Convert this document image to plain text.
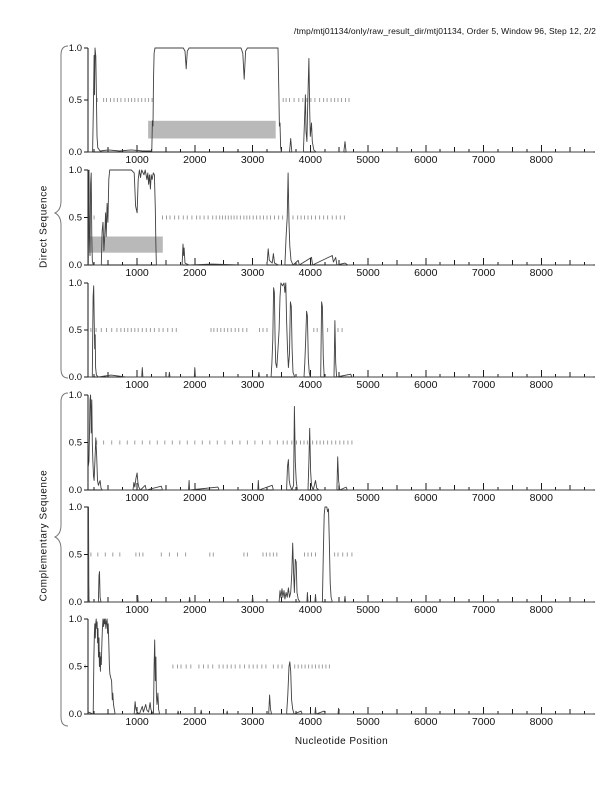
/tmp/mtj01134/only/raw_result_dir/mtj01134, Order 5, Window 96, Step 12, 2/2
Direct Sequence
Complementary Sequence
1.0
0.5
0.0
1000	2000	3000	4000	5000	6000	7000	8000
1.0
0.5
0.0
1000	2000	3000	4000	5000	6000	7000	8000
1.0
0.5
0.0
1000	2000	3000	4000	5000	6000	7000	8000
1.0
0.5
0.0
1000	2000	3000	4000	5000	6000	7000	8000
1.0
0.5
0.0
1000	2000	3000	4000	5000	6000	7000	8000
1.0
0.5
0.0
1000	2000	3000	4000	5000	6000	7000	8000
Nucleotide Position
